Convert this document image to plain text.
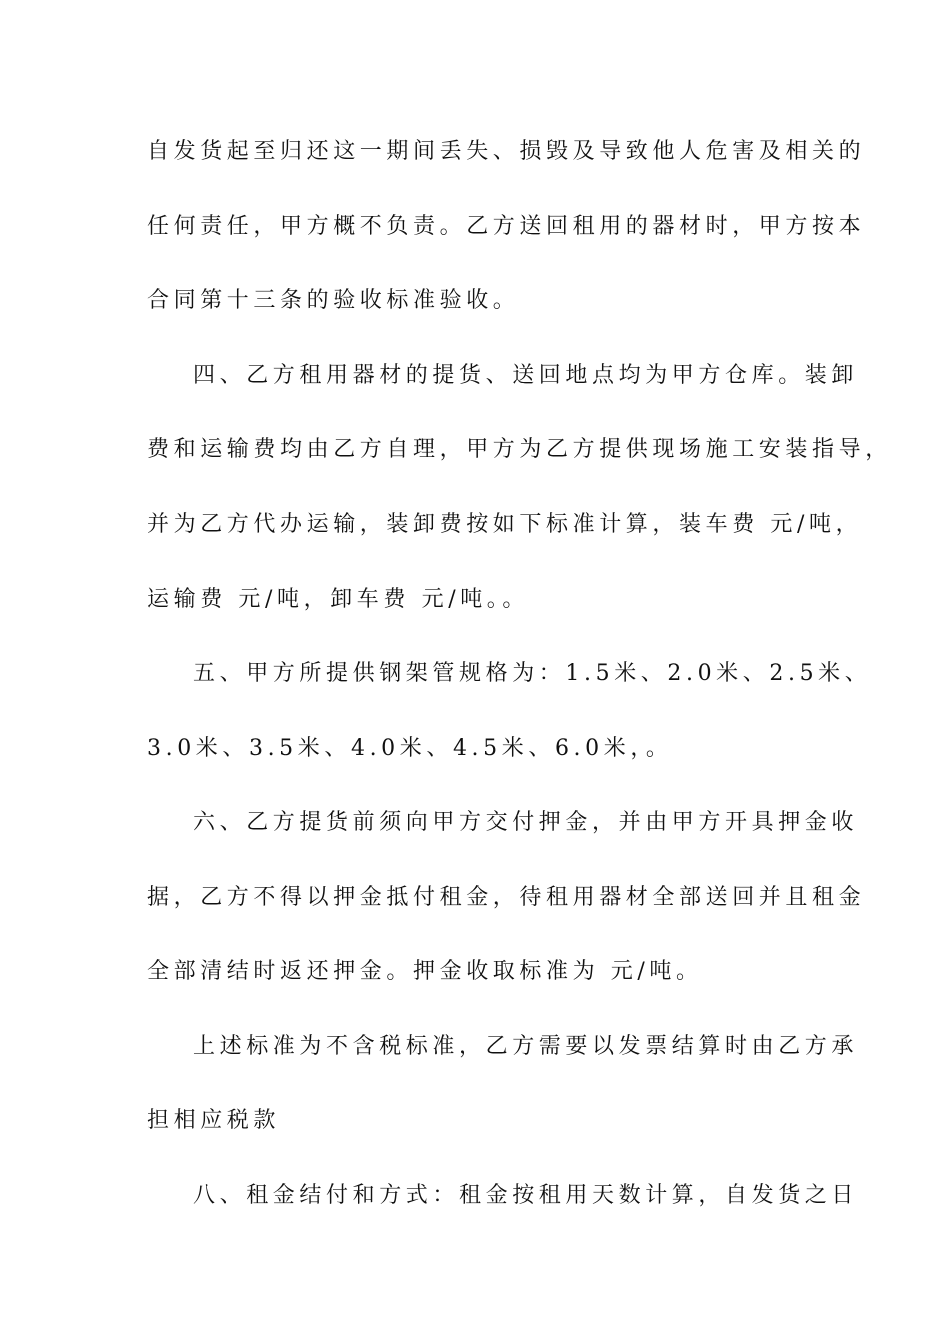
自发货起至归还这一期间丢失、损毁及导致他人危害及相关的
任何责任，甲方概不负责。乙方送回租用的器材时，甲方按本
合同第十三条的验收标准验收。
四、乙方租用器材的提货、送回地点均为甲方仓库。装卸
费和运输费均由乙方自理，甲方为乙方提供现场施工安装指导，
并为乙方代办运输，装卸费按如下标准计算，装车费 元/吨，
运输费 元/吨，卸车费 元/吨。。
五、甲方所提供钢架管规格为：1.5米、2.0米、2.5米、
3.0米、3.5米、4.0米、4.5米、6.0米，。
六、乙方提货前须向甲方交付押金，并由甲方开具押金收
据，乙方不得以押金抵付租金，待租用器材全部送回并且租金
全部清结时返还押金。押金收取标准为 元/吨。
上述标准为不含税标准，乙方需要以发票结算时由乙方承
担相应税款
八、租金结付和方式：租金按租用天数计算，自发货之日
